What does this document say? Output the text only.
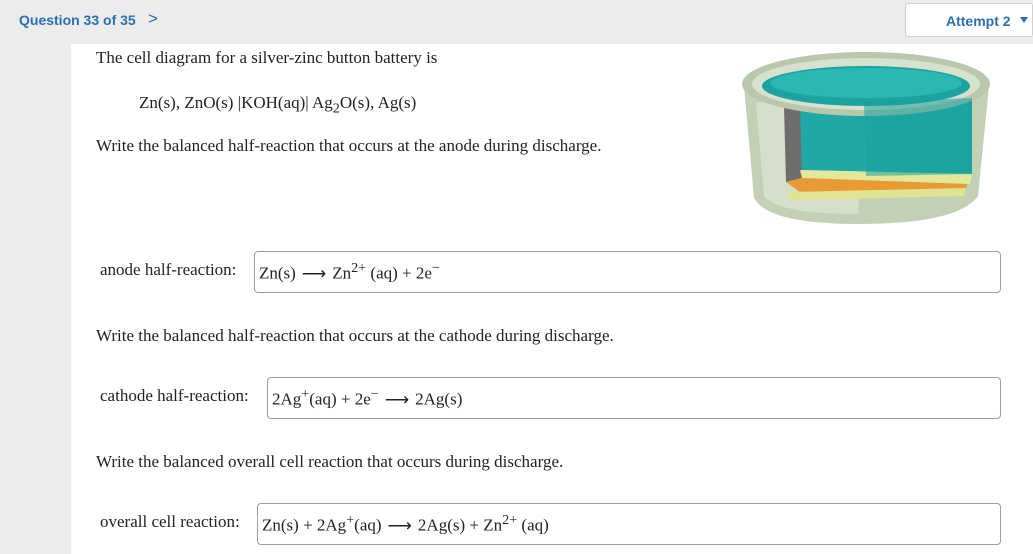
Question 33 of 35 >	Attempt 2
The cell diagram for a silver-zinc button battery is
Zn(s), ZnO(s) |KOH(aq)| $Ag_2O(s)$, Ag(s)
Write the balanced half-reaction that occurs at the anode during discharge.
anode half-reaction: Zn(s) ⟶ $Zn^{2+}$ (aq) + 2e−
Write the balanced half-reaction that occurs at the cathode during discharge.
cathode half-reaction: 2Ag+(aq) + 2e− ⟶ 2Ag(s)
Write the balanced overall cell reaction that occurs during discharge.
overall cell reaction: Zn(s) + 2Ag+(aq) ⟶ $2Ag(s) + Zn^{2+}$ (aq)
